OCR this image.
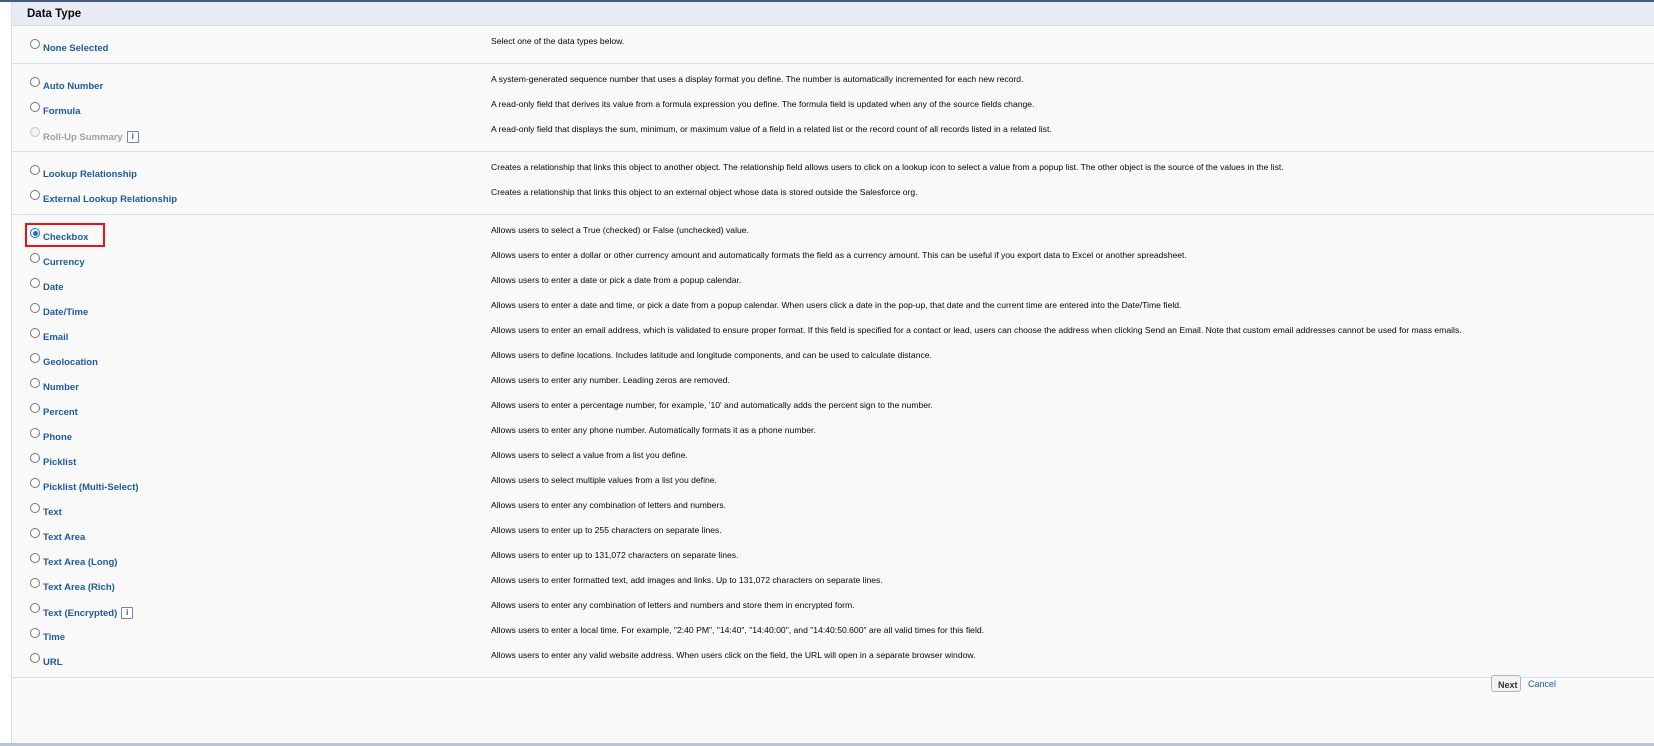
Data Type
None Selected
Select one of the data types below.
Auto Number
A system-generated sequence number that uses a display format you define. The number is automatically incremented for each new record.
Formula
A read-only field that derives its value from a formula expression you define. The formula field is updated when any of the source fields change.
Roll-Up Summary i
A read-only field that displays the sum, minimum, or maximum value of a field in a related list or the record count of all records listed in a related list.
Lookup Relationship
Creates a relationship that links this object to another object. The relationship field allows users to click on a lookup icon to select a value from a popup list. The other object is the source of the values in the list.
External Lookup Relationship
Creates a relationship that links this object to an external object whose data is stored outside the Salesforce org.
Checkbox
Allows users to select a True (checked) or False (unchecked) value.
Currency
Allows users to enter a dollar or other currency amount and automatically formats the field as a currency amount. This can be useful if you export data to Excel or another spreadsheet.
Date
Allows users to enter a date or pick a date from a popup calendar.
Date/Time
Allows users to enter a date and time, or pick a date from a popup calendar. When users click a date in the pop-up, that date and the current time are entered into the Date/Time field.
Email
Allows users to enter an email address, which is validated to ensure proper format. If this field is specified for a contact or lead, users can choose the address when clicking Send an Email. Note that custom email addresses cannot be used for mass emails.
Geolocation
Allows users to define locations. Includes latitude and longitude components, and can be used to calculate distance.
Number
Allows users to enter any number. Leading zeros are removed.
Percent
Allows users to enter a percentage number, for example, '10' and automatically adds the percent sign to the number.
Phone
Allows users to enter any phone number. Automatically formats it as a phone number.
Picklist
Allows users to select a value from a list you define.
Picklist (Multi-Select)
Allows users to select multiple values from a list you define.
Text
Allows users to enter any combination of letters and numbers.
Text Area
Allows users to enter up to 255 characters on separate lines.
Text Area (Long)
Allows users to enter up to 131,072 characters on separate lines.
Text Area (Rich)
Allows users to enter formatted text, add images and links. Up to 131,072 characters on separate lines.
Text (Encrypted) i
Allows users to enter any combination of letters and numbers and store them in encrypted form.
Time
Allows users to enter a local time. For example, "2:40 PM", "14:40", "14:40:00", and "14:40:50.600" are all valid times for this field.
URL
Allows users to enter any valid website address. When users click on the field, the URL will open in a separate browser window.
Next	Cancel
